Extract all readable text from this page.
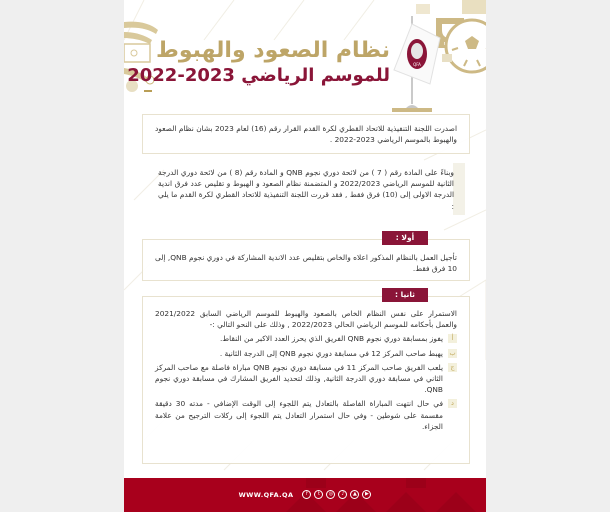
نظام الصعود والهبوط
للموسم الرياضي 2023-2022
QFA

اصدرت اللجنة التنفيذية للاتحاد القطري لكرة القدم القرار رقم (16) لعام 2023 بشان نظام الصعود والهبوط بالموسم الرياضي 2023-2022 .

وبناءً على المادة رقم ( 7 ) من لائحة دوري نجوم QNB و المادة رقم (8 ) من لائحة دوري الدرجة الثانية للموسم الرياضي 2022/2023 و المتضمنة نظام الصعود و الهبوط و تقليص عدد فرق اندية الدرجة الاولى إلى (10) فرق فقط , فقد قررت اللجنة التنفيذية للاتحاد القطري لكرة القدم ما يلي :

تأجيل العمل بالنظام المذكور اعلاه والخاص بتقليص عدد الاندية المشاركة في دوري نجوم QNB, إلى 10 فرق فقط.

أولا :

الاستمرار على نفس النظام الخاص بالصعود والهبوط للموسم الرياضي السابق 2021/2022 والعمل بأحكامه للموسم الرياضي الحالي 2022/2023 , وذلك على النحو التالي :-

أ
يفوز بمسابقة دوري نجوم QNB الفريق الذي يحرز العدد الاكبر من النقاط.
ب
يهبط صاحب المركز 12 في مسابقة دوري نجوم QNB إلى الدرجة الثانية .
ج
يلعب الفريق صاحب المركز 11 في مسابقة دوري نجوم QNB مباراة فاصلة مع صاحب المركز الثاني في مسابقة دوري الدرجة الثانية, وذلك لتحديد الفريق المشارك في مسابقة دوري نجوم QNB.
د
في حال انتهت المباراة الفاصلة بالتعادل يتم اللجوء إلى الوقت الإضافي - مدته 30 دقيقة مقسمة على شوطين - وفي حال استمرار التعادل يتم اللجوء إلى ركلات الترجيح من علامة الجزاء.
ثانيا :
WWW.QFA.QA	f	t	◎	♪	▲	▶
